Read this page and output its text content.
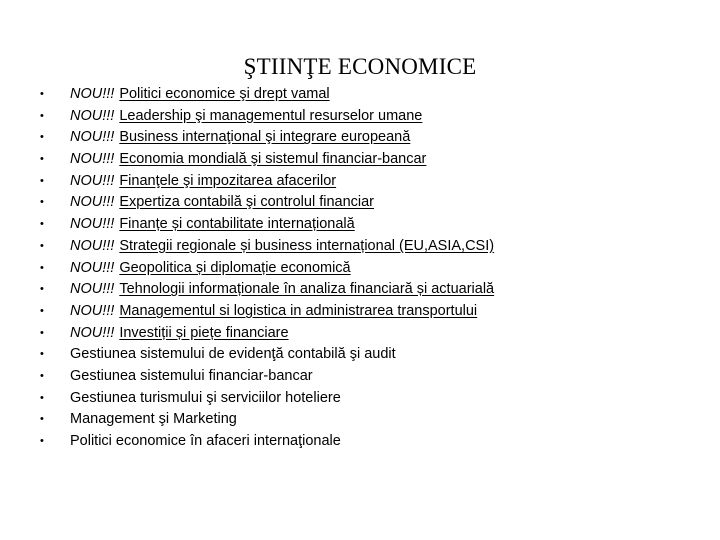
ŞTIINŢE ECONOMICE
•	NOU!!! Politici economice şi drept vamal
•	NOU!!! Leadership şi managementul resurselor umane
•	NOU!!! Business internaţional şi integrare europeană
•	NOU!!! Economia mondială şi sistemul financiar-bancar
•	NOU!!! Finanţele şi impozitarea afacerilor
•	NOU!!! Expertiza contabilă şi controlul financiar
•	NOU!!! Finanțe și contabilitate internațională
•	NOU!!! Strategii regionale și business internațional (EU,ASIA,CSI)
•	NOU!!! Geopolitica și diplomație economică
•	NOU!!! Tehnologii informaționale în analiza financiară și actuarială
•	NOU!!! Managementul si logistica in administrarea transportului
•	NOU!!! Investiții și piețe financiare
•	Gestiunea sistemului de evidenţă contabilă şi audit
•	Gestiunea sistemului financiar-bancar
•	Gestiunea turismului şi serviciilor hoteliere
•	Management şi Marketing
•	Politici economice în afaceri internaţionale
